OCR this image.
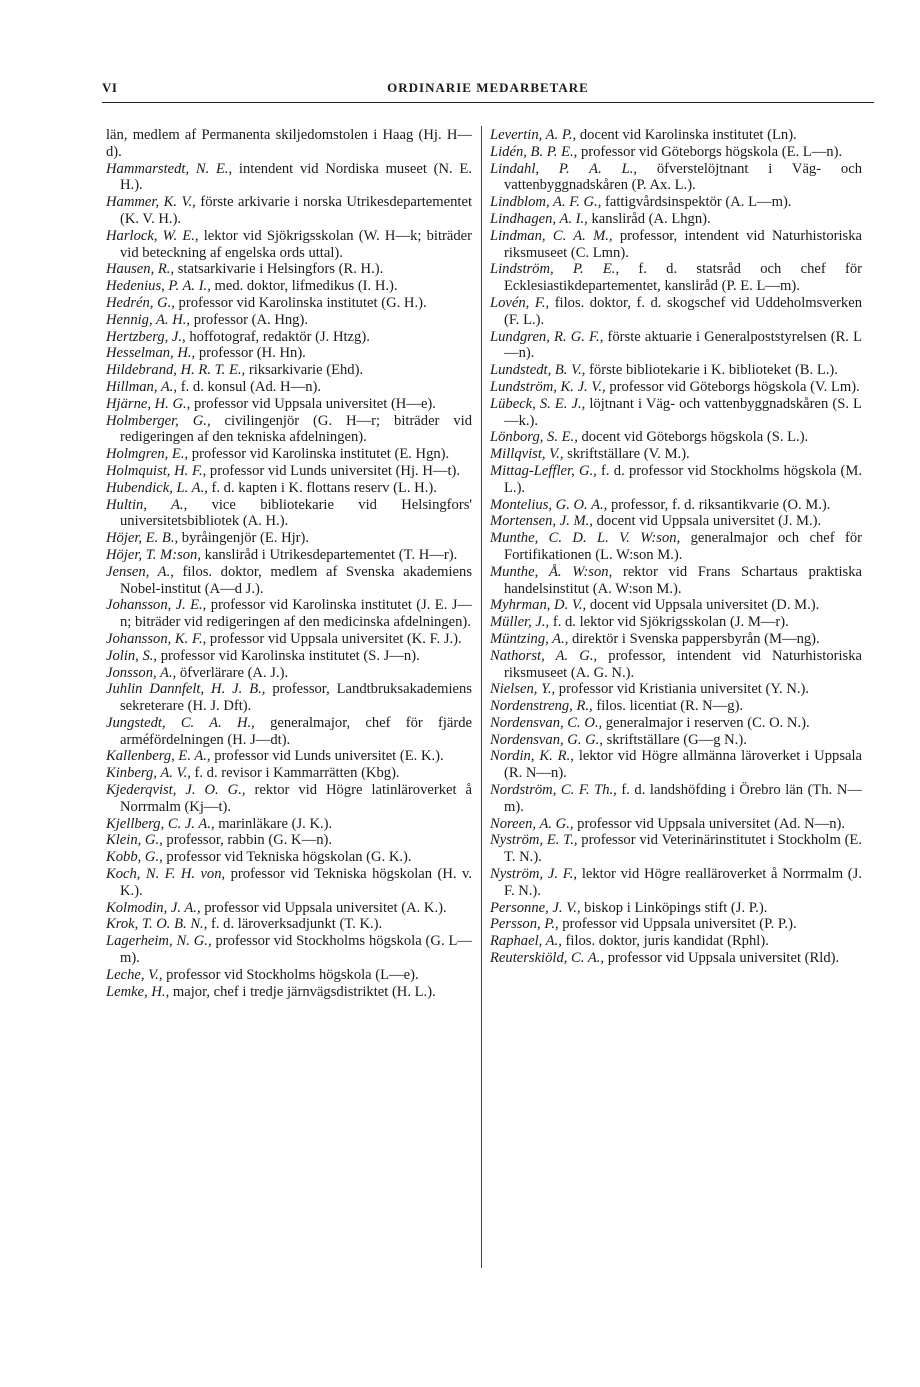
VI	ORDINARIE MEDARBETARE

län, medlem af Permanenta skiljedomstolen i Haag (Hj. H—d).

Hammarstedt, N. E., intendent vid Nordiska museet (N. E. H.).

Hammer, K. V., förste arkivarie i norska Utrikesdepartementet (K. V. H.).

Harlock, W. E., lektor vid Sjökrigsskolan (W. H—k; biträder vid beteckning af engelska ords uttal).

Hausen, R., statsarkivarie i Helsingfors (R. H.).

Hedenius, P. A. I., med. doktor, lifmedikus (I. H.).

Hedrén, G., professor vid Karolinska institutet (G. H.).

Hennig, A. H., professor (A. Hng).

Hertzberg, J., hoffotograf, redaktör (J. Htzg).

Hesselman, H., professor (H. Hn).

Hildebrand, H. R. T. E., riksarkivarie (Ehd).

Hillman, A., f. d. konsul (Ad. H—n).

Hjärne, H. G., professor vid Uppsala universitet (H—e).

Holmberger, G., civilingenjör (G. H—r; biträder vid redigeringen af den tekniska afdelningen).

Holmgren, E., professor vid Karolinska institutet (E. Hgn).

Holmquist, H. F., professor vid Lunds universitet (Hj. H—t).

Hubendick, L. A., f. d. kapten i K. flottans reserv (L. H.).

Hultin, A., vice bibliotekarie vid Helsingfors' universitetsbibliotek (A. H.).

Höjer, E. B., byråingenjör (E. Hjr).

Höjer, T. M:son, kansliråd i Utrikesdepartementet (T. H—r).

Jensen, A., filos. doktor, medlem af Svenska akademiens Nobel-institut (A—d J.).

Johansson, J. E., professor vid Karolinska institutet (J. E. J—n; biträder vid redigeringen af den medicinska afdelningen).

Johansson, K. F., professor vid Uppsala universitet (K. F. J.).

Jolin, S., professor vid Karolinska institutet (S. J—n).

Jonsson, A., öfverlärare (A. J.).

Juhlin Dannfelt, H. J. B., professor, Landtbruksakademiens sekreterare (H. J. Dft).

Jungstedt, C. A. H., generalmajor, chef för fjärde arméfördelningen (H. J—dt).

Kallenberg, E. A., professor vid Lunds universitet (E. K.).

Kinberg, A. V., f. d. revisor i Kammarrätten (Kbg).

Kjederqvist, J. O. G., rektor vid Högre latinläroverket å Norrmalm (Kj—t).

Kjellberg, C. J. A., marinläkare (J. K.).

Klein, G., professor, rabbin (G. K—n).

Kobb, G., professor vid Tekniska högskolan (G. K.).

Koch, N. F. H. von, professor vid Tekniska högskolan (H. v. K.).

Kolmodin, J. A., professor vid Uppsala universitet (A. K.).

Krok, T. O. B. N., f. d. läroverksadjunkt (T. K.).

Lagerheim, N. G., professor vid Stockholms högskola (G. L—m).

Leche, V., professor vid Stockholms högskola (L—e).

Lemke, H., major, chef i tredje järnvägsdistriktet (H. L.).

Levertin, A. P., docent vid Karolinska institutet (Ln).

Lidén, B. P. E., professor vid Göteborgs högskola (E. L—n).

Lindahl, P. A. L., öfverstelöjtnant i Väg- och vattenbyggnadskåren (P. Ax. L.).

Lindblom, A. F. G., fattigvårdsinspektör (A. L—m).

Lindhagen, A. I., kansliråd (A. Lhgn).

Lindman, C. A. M., professor, intendent vid Naturhistoriska riksmuseet (C. Lmn).

Lindström, P. E., f. d. statsråd och chef för Ecklesiastikdepartementet, kansliråd (P. E. L—m).

Lovén, F., filos. doktor, f. d. skogschef vid Uddeholmsverken (F. L.).

Lundgren, R. G. F., förste aktuarie i Generalpoststyrelsen (R. L—n).

Lundstedt, B. V., förste bibliotekarie i K. biblioteket (B. L.).

Lundström, K. J. V., professor vid Göteborgs högskola (V. Lm).

Lübeck, S. E. J., löjtnant i Väg- och vattenbyggnadskåren (S. L—k.).

Lönborg, S. E., docent vid Göteborgs högskola (S. L.).

Millqvist, V., skriftställare (V. M.).

Mittag-Leffler, G., f. d. professor vid Stockholms högskola (M. L.).

Montelius, G. O. A., professor, f. d. riksantikvarie (O. M.).

Mortensen, J. M., docent vid Uppsala universitet (J. M.).

Munthe, C. D. L. V. W:son, generalmajor och chef för Fortifikationen (L. W:son M.).

Munthe, Å. W:son, rektor vid Frans Schartaus praktiska handelsinstitut (A. W:son M.).

Myhrman, D. V., docent vid Uppsala universitet (D. M.).

Müller, J., f. d. lektor vid Sjökrigsskolan (J. M—r).

Müntzing, A., direktör i Svenska pappersbyrån (M—ng).

Nathorst, A. G., professor, intendent vid Naturhistoriska riksmuseet (A. G. N.).

Nielsen, Y., professor vid Kristiania universitet (Y. N.).

Nordenstreng, R., filos. licentiat (R. N—g).

Nordensvan, C. O., generalmajor i reserven (C. O. N.).

Nordensvan, G. G., skriftställare (G—g N.).

Nordin, K. R., lektor vid Högre allmänna läroverket i Uppsala (R. N—n).

Nordström, C. F. Th., f. d. landshöfding i Örebro län (Th. N—m).

Noreen, A. G., professor vid Uppsala universitet (Ad. N—n).

Nyström, E. T., professor vid Veterinärinstitutet i Stockholm (E. T. N.).

Nyström, J. F., lektor vid Högre realläroverket å Norrmalm (J. F. N.).

Personne, J. V., biskop i Linköpings stift (J. P.).

Persson, P., professor vid Uppsala universitet (P. P.).

Raphael, A., filos. doktor, juris kandidat (Rphl).

Reuterskiöld, C. A., professor vid Uppsala universitet (Rld).
